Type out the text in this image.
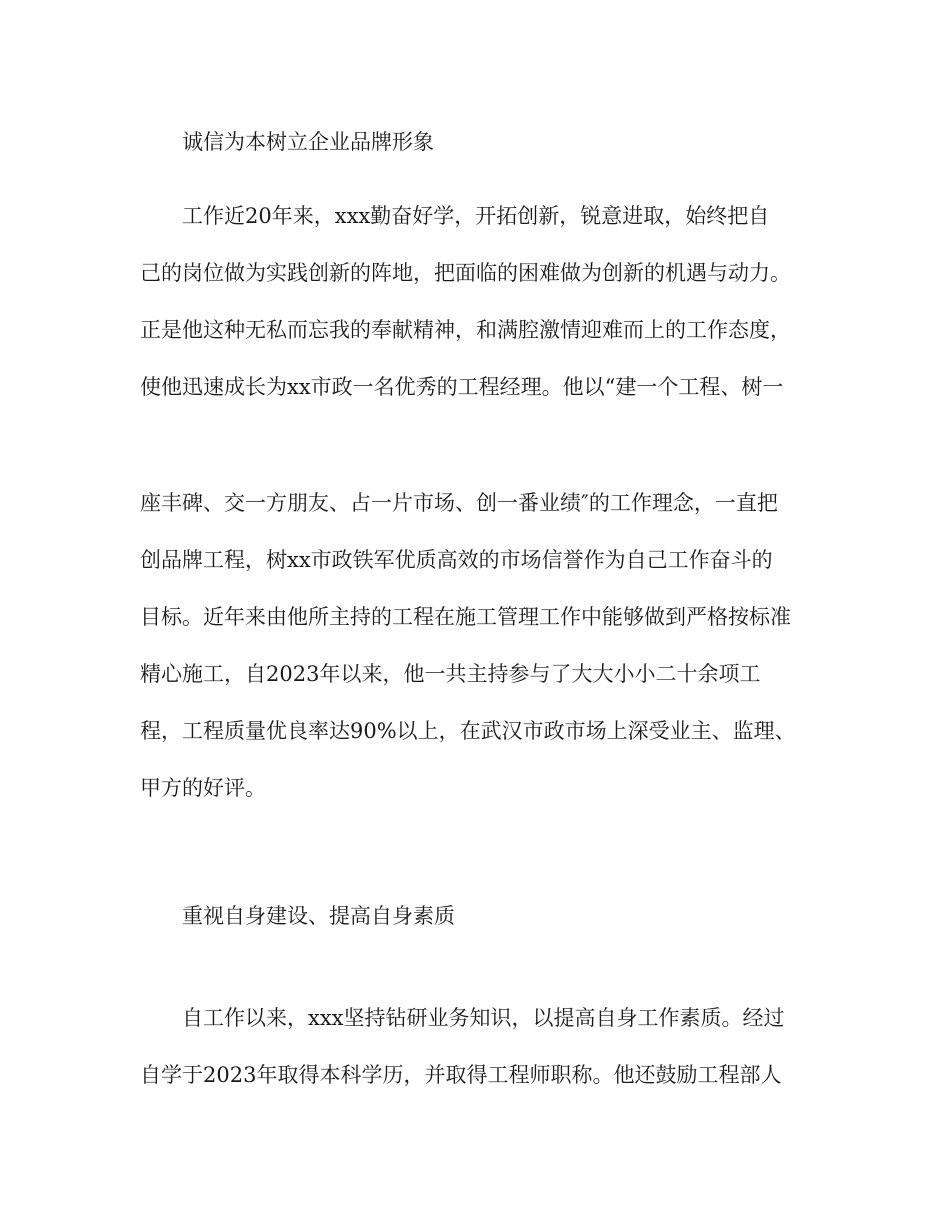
诚信为本树立企业品牌形象
工作近20年来，xxx勤奋好学，开拓创新，锐意进取，始终把自
己的岗位做为实践创新的阵地，把面临的困难做为创新的机遇与动力。
正是他这种无私而忘我的奉献精神，和满腔激情迎难而上的工作态度，
使他迅速成长为xx市政一名优秀的工程经理。他以“建一个工程、树一
座丰碑、交一方朋友、占一片市场、创一番业绩″的工作理念，一直把
创品牌工程，树xx市政铁军优质高效的市场信誉作为自己工作奋斗的
目标。近年来由他所主持的工程在施工管理工作中能够做到严格按标准
精心施工，自2023年以来，他一共主持参与了大大小小二十余项工
程，工程质量优良率达90%以上，在武汉市政市场上深受业主、监理、
甲方的好评。
重视自身建设、提高自身素质
自工作以来，xxx坚持钻研业务知识，以提高自身工作素质。经过
自学于2023年取得本科学历，并取得工程师职称。他还鼓励工程部人
